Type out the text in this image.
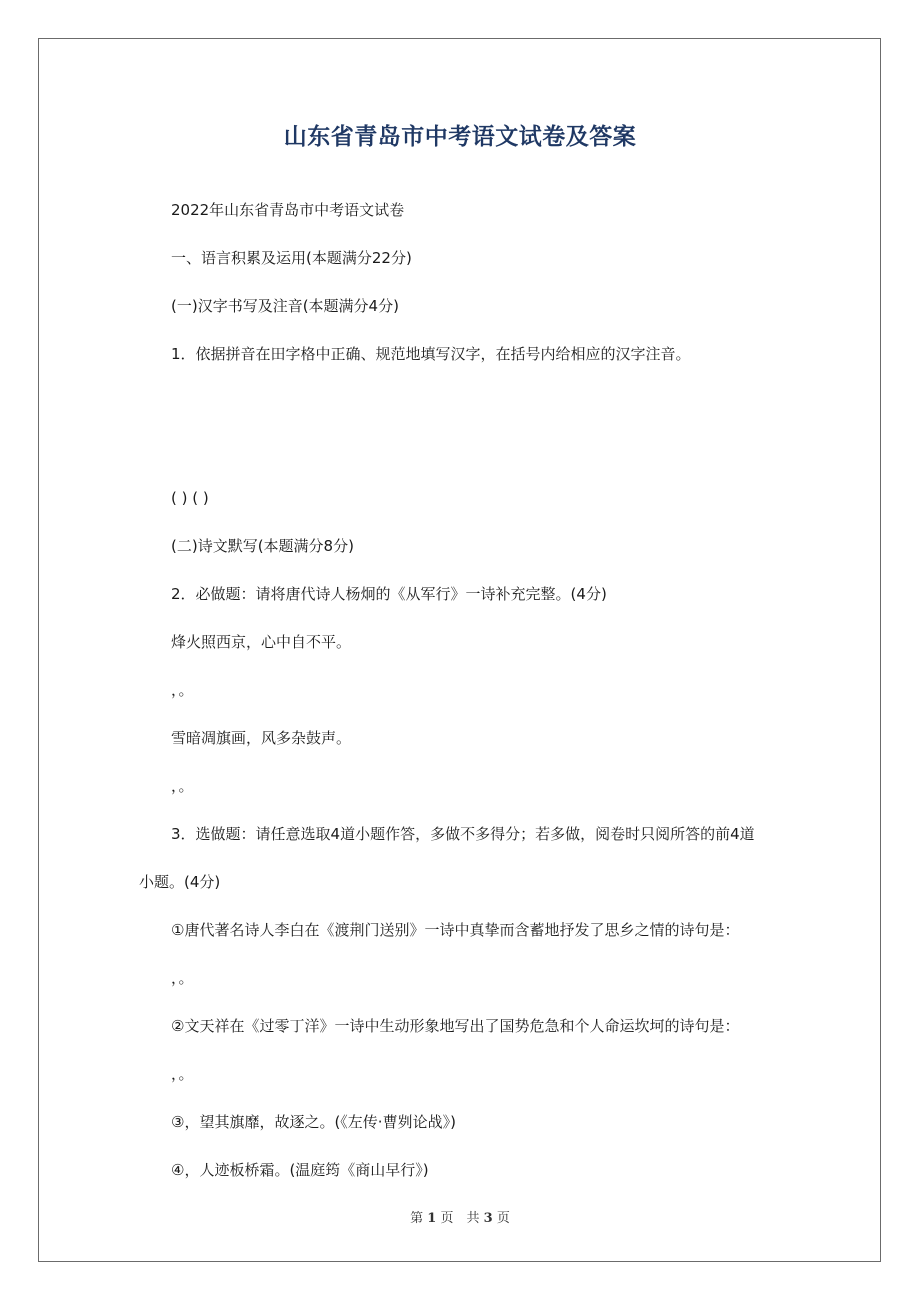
山东省青岛市中考语文试卷及答案

2022年山东省青岛市中考语文试卷

一、语言积累及运用(本题满分22分)

(一)汉字书写及注音(本题满分4分)

1．依据拼音在田字格中正确、规范地填写汉字，在括号内给相应的汉字注音。

( ) ( )

(二)诗文默写(本题满分8分)

2．必做题：请将唐代诗人杨炯的《从军行》一诗补充完整。(4分)

烽火照西京，心中自不平。

，。

雪暗凋旗画，风多杂鼓声。

，。

3．选做题：请任意选取4道小题作答，多做不多得分；若多做，阅卷时只阅所答的前4道

小题。(4分)

①唐代著名诗人李白在《渡荆门送别》一诗中真挚而含蓄地抒发了思乡之情的诗句是：

，。

②文天祥在《过零丁洋》一诗中生动形象地写出了国势危急和个人命运坎坷的诗句是：

，。

③，望其旗靡，故逐之。(《左传·曹刿论战》)

④，人迹板桥霜。(温庭筠《商山早行》)

第 1 页　共 3 页
